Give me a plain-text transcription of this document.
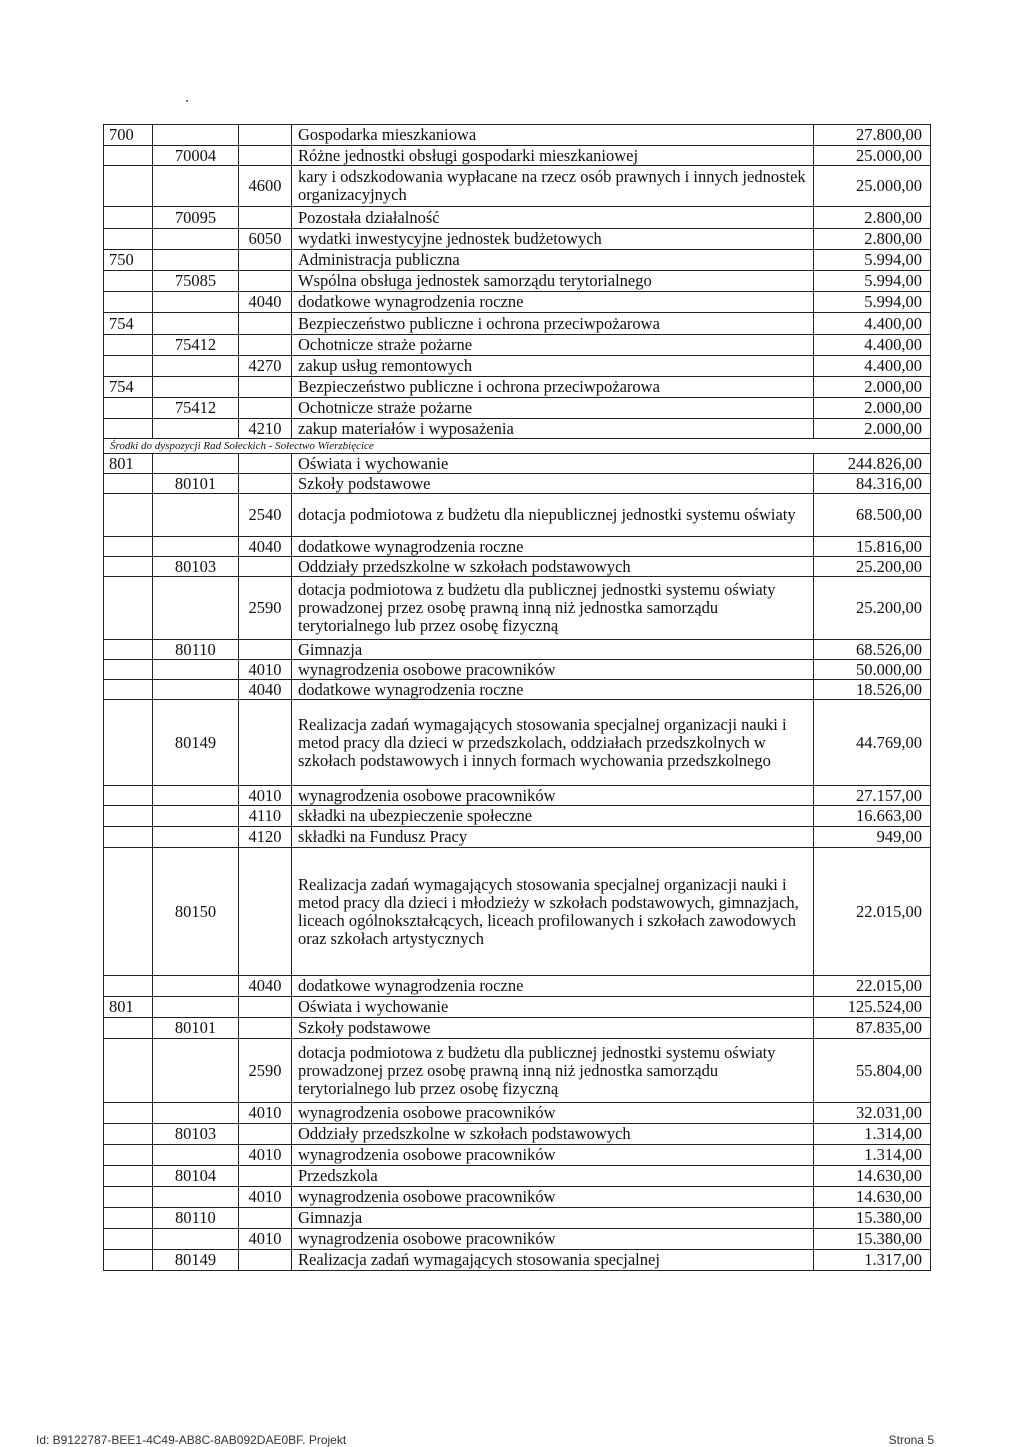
700			Gospodarka mieszkaniowa	27.800,00
	70004		Różne jednostki obsługi gospodarki mieszkaniowej	25.000,00
		4600	kary i odszkodowania wypłacane na rzecz osób prawnych i innych jednostek organizacyjnych	25.000,00
	70095		Pozostała działalność	2.800,00
		6050	wydatki inwestycyjne jednostek budżetowych	2.800,00
750			Administracja publiczna	5.994,00
	75085		Wspólna obsługa jednostek samorządu terytorialnego	5.994,00
		4040	dodatkowe wynagrodzenia roczne	5.994,00
754			Bezpieczeństwo publiczne i ochrona przeciwpożarowa	4.400,00
	75412		Ochotnicze straże pożarne	4.400,00
		4270	zakup usług remontowych	4.400,00
754			Bezpieczeństwo publiczne i ochrona przeciwpożarowa	2.000,00
	75412		Ochotnicze straże pożarne	2.000,00
		4210	zakup materiałów i wyposażenia	2.000,00
Środki do dyspozycji Rad Sołeckich - Sołectwo Wierzbięcice				
801			Oświata i wychowanie	244.826,00
	80101		Szkoły podstawowe	84.316,00
		2540	dotacja podmiotowa z budżetu dla niepublicznej jednostki systemu oświaty	68.500,00
		4040	dodatkowe wynagrodzenia roczne	15.816,00
	80103		Oddziały przedszkolne w szkołach podstawowych	25.200,00
		2590	dotacja podmiotowa z budżetu dla publicznej jednostki systemu oświaty prowadzonej przez osobę prawną inną niż jednostka samorządu terytorialnego lub przez osobę fizyczną	25.200,00
	80110		Gimnazja	68.526,00
		4010	wynagrodzenia osobowe pracowników	50.000,00
		4040	dodatkowe wynagrodzenia roczne	18.526,00
	80149		Realizacja zadań wymagających stosowania specjalnej organizacji nauki i metod pracy dla dzieci w przedszkolach, oddziałach przedszkolnych w szkołach podstawowych i innych formach wychowania przedszkolnego	44.769,00
		4010	wynagrodzenia osobowe pracowników	27.157,00
		4110	składki na ubezpieczenie społeczne	16.663,00
		4120	składki na Fundusz Pracy	949,00
	80150		Realizacja zadań wymagających stosowania specjalnej organizacji nauki i metod pracy dla dzieci i młodzieży w szkołach podstawowych, gimnazjach, liceach ogólnokształcących, liceach profilowanych i szkołach zawodowych oraz szkołach artystycznych	22.015,00
		4040	dodatkowe wynagrodzenia roczne	22.015,00
801			Oświata i wychowanie	125.524,00
	80101		Szkoły podstawowe	87.835,00
		2590	dotacja podmiotowa z budżetu dla publicznej jednostki systemu oświaty prowadzonej przez osobę prawną inną niż jednostka samorządu terytorialnego lub przez osobę fizyczną	55.804,00
		4010	wynagrodzenia osobowe pracowników	32.031,00
	80103		Oddziały przedszkolne w szkołach podstawowych	1.314,00
		4010	wynagrodzenia osobowe pracowników	1.314,00
	80104		Przedszkola	14.630,00
		4010	wynagrodzenia osobowe pracowników	14.630,00
	80110		Gimnazja	15.380,00
		4010	wynagrodzenia osobowe pracowników	15.380,00
	80149		Realizacja zadań wymagających stosowania specjalnej	1.317,00
Id: B9122787-BEE1-4C49-AB8C-8AB092DAE0BF. Projekt	Strona 5
